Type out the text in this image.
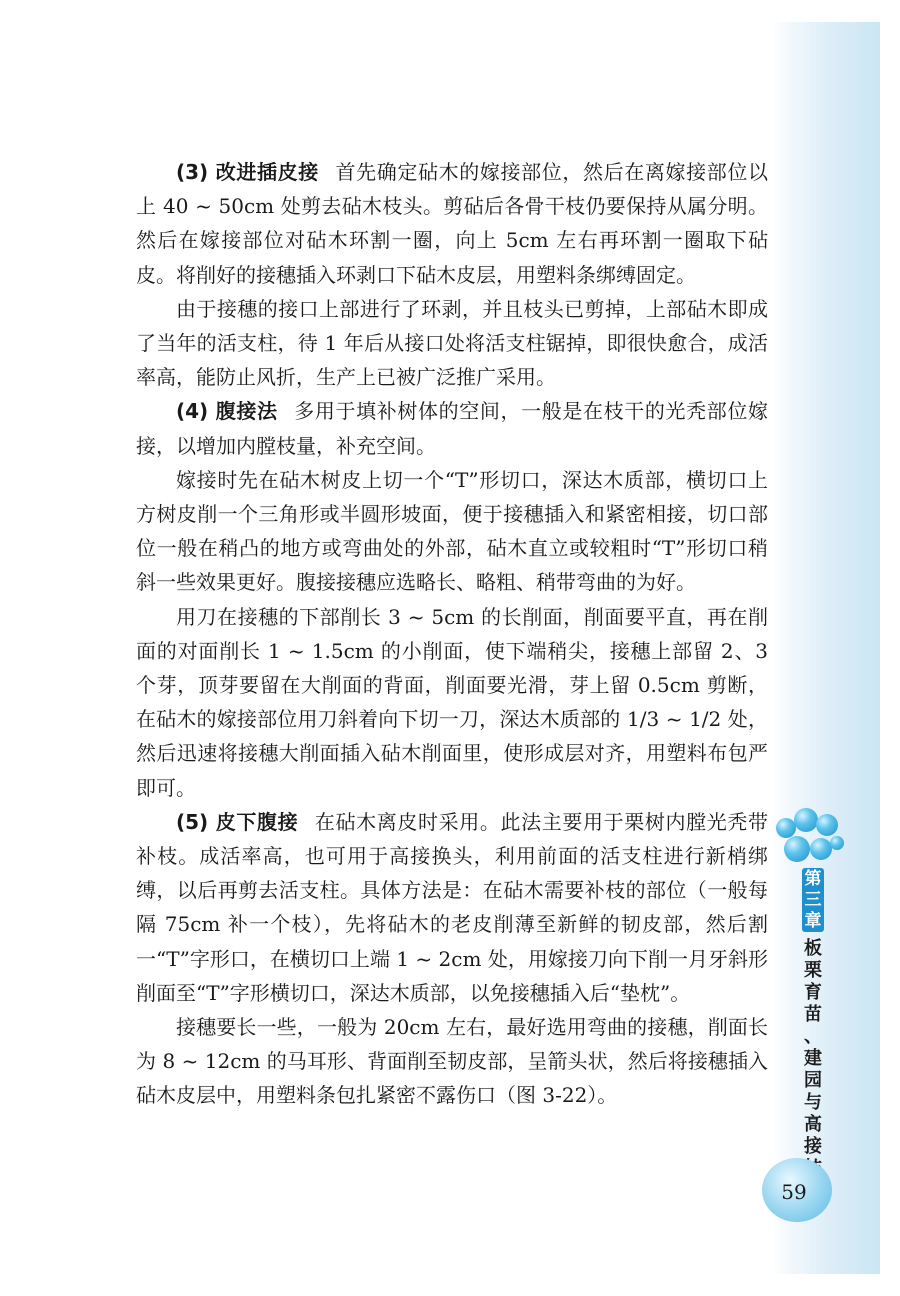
(3) 改进插皮接 首先确定砧木的嫁接部位，然后在离嫁接部位以上 40 ~ 50cm 处剪去砧木枝头。剪砧后各骨干枝仍要保持从属分明。然后在嫁接部位对砧木环割一圈，向上 5cm 左右再环割一圈取下砧皮。将削好的接穗插入环剥口下砧木皮层，用塑料条绑缚固定。

由于接穗的接口上部进行了环剥，并且枝头已剪掉，上部砧木即成了当年的活支柱，待 1 年后从接口处将活支柱锯掉，即很快愈合，成活率高，能防止风折，生产上已被广泛推广采用。

(4) 腹接法 多用于填补树体的空间，一般是在枝干的光秃部位嫁接，以增加内膛枝量，补充空间。

嫁接时先在砧木树皮上切一个“T”形切口，深达木质部，横切口上方树皮削一个三角形或半圆形坡面，便于接穗插入和紧密相接，切口部位一般在稍凸的地方或弯曲处的外部，砧木直立或较粗时“T”形切口稍斜一些效果更好。腹接接穗应选略长、略粗、稍带弯曲的为好。

用刀在接穗的下部削长 3 ~ 5cm 的长削面，削面要平直，再在削面的对面削长 1 ~ 1.5cm 的小削面，使下端稍尖，接穗上部留 2、3 个芽，顶芽要留在大削面的背面，削面要光滑，芽上留 0.5cm 剪断，在砧木的嫁接部位用刀斜着向下切一刀，深达木质部的 1/3 ~ 1/2 处，然后迅速将接穗大削面插入砧木削面里，使形成层对齐，用塑料布包严即可。

(5) 皮下腹接 在砧木离皮时采用。此法主要用于栗树内膛光秃带补枝。成活率高，也可用于高接换头，利用前面的活支柱进行新梢绑缚，以后再剪去活支柱。具体方法是：在砧木需要补枝的部位（一般每隔 75cm 补一个枝），先将砧木的老皮削薄至新鲜的韧皮部，然后割一“T”字形口，在横切口上端 1 ~ 2cm 处，用嫁接刀向下削一月牙斜形削面至“T”字形横切口，深达木质部，以免接穗插入后“垫枕”。

接穗要长一些，一般为 20cm 左右，最好选用弯曲的接穗，削面长为 8 ~ 12cm 的马耳形、背面削至韧皮部，呈箭头状，然后将接穗插入砧木皮层中，用塑料条包扎紧密不露伤口（图 3-22）。

第
三
章
板
栗
育
苗
、
建
园
与
高
接
59
